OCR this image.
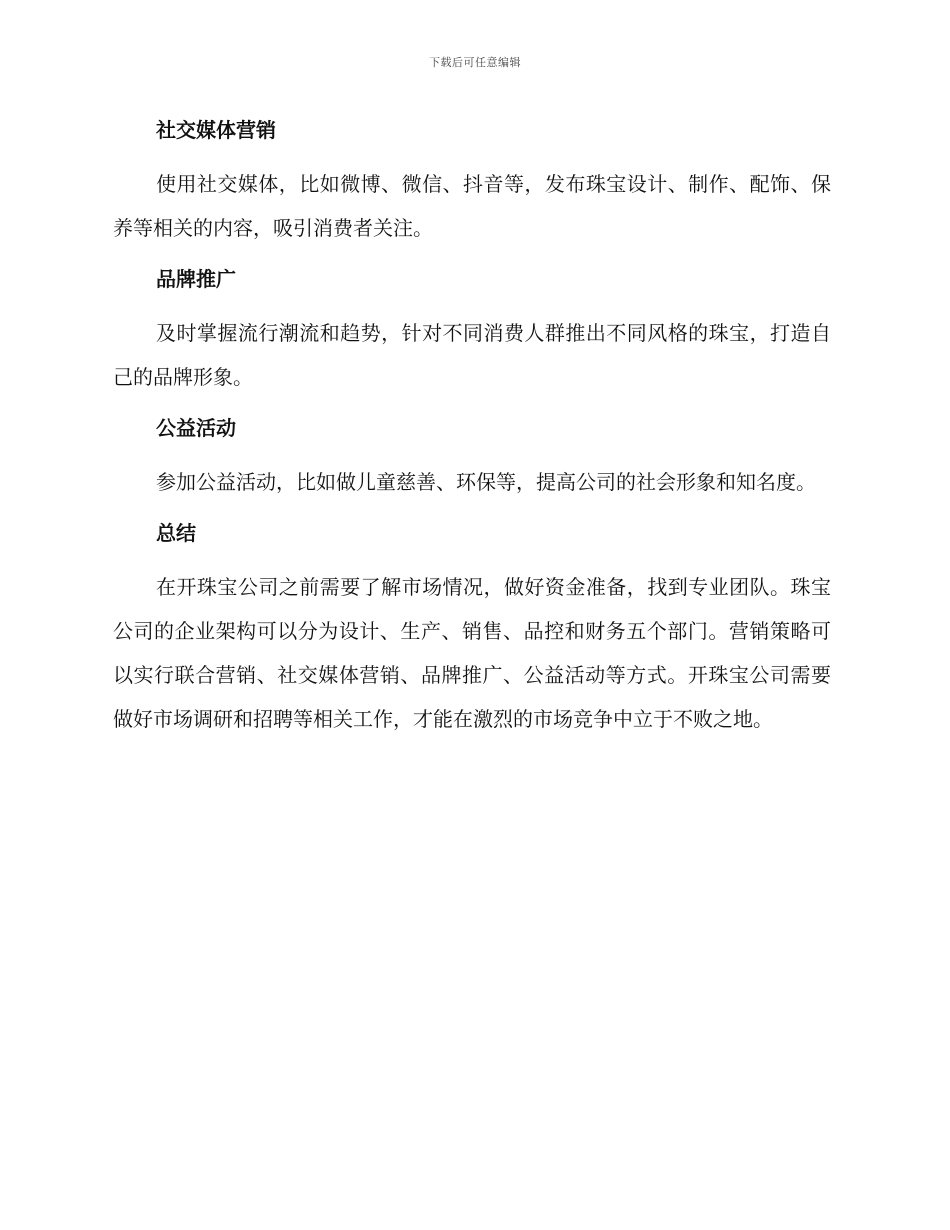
下载后可任意编辑
社交媒体营销

使用社交媒体，比如微博、微信、抖音等，发布珠宝设计、制作、配饰、保养等相关的内容，吸引消费者关注。

品牌推广

及时掌握流行潮流和趋势，针对不同消费人群推出不同风格的珠宝，打造自己的品牌形象。

公益活动

参加公益活动，比如做儿童慈善、环保等，提高公司的社会形象和知名度。

总结

在开珠宝公司之前需要了解市场情况，做好资金准备，找到专业团队。珠宝公司的企业架构可以分为设计、生产、销售、品控和财务五个部门。营销策略可以实行联合营销、社交媒体营销、品牌推广、公益活动等方式。开珠宝公司需要做好市场调研和招聘等相关工作，才能在激烈的市场竞争中立于不败之地。
